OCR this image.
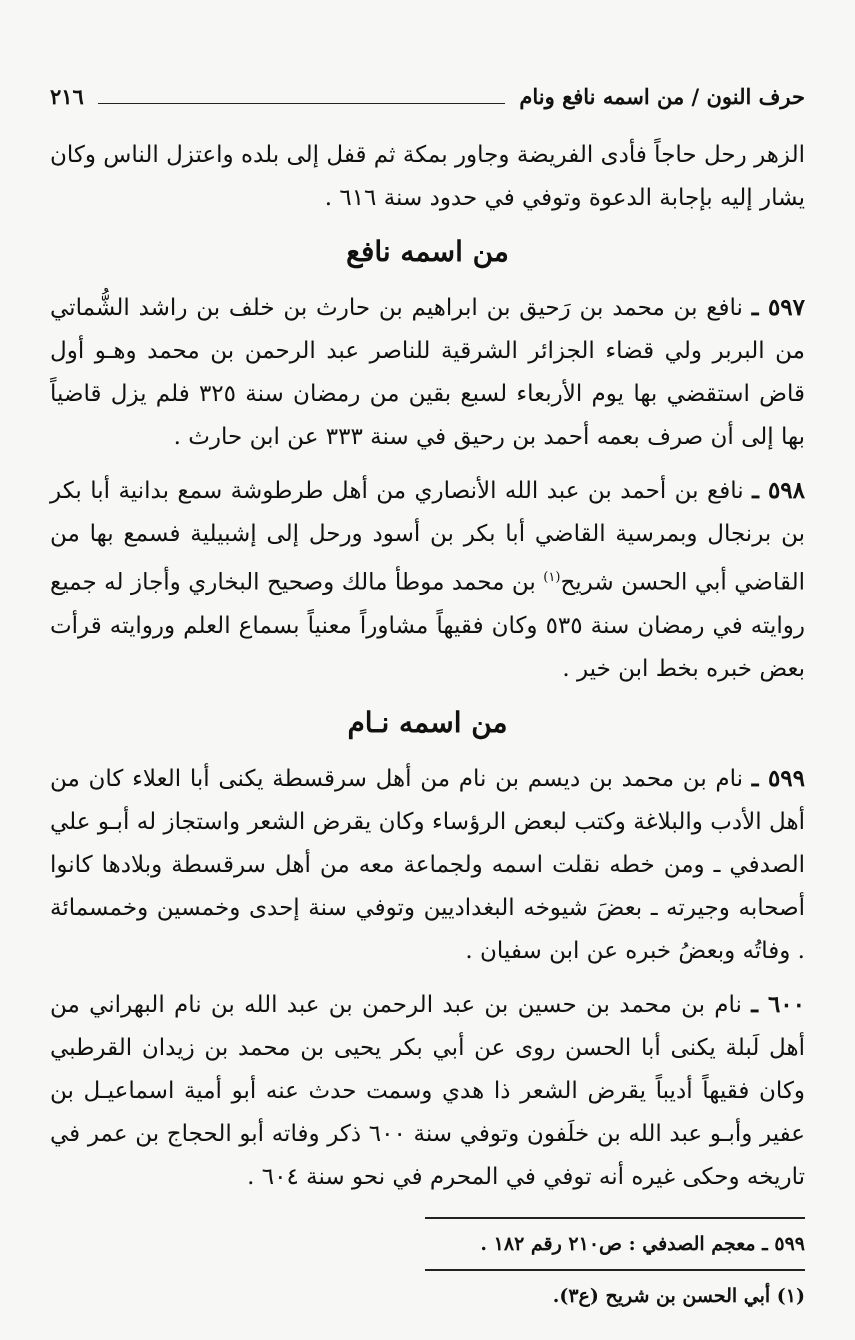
حرف النون / من اسمه نافع ونام
٢١٦

الزهر رحل حاجاً فأدى الفريضة وجاور بمكة ثم قفل إلى بلده واعتزل الناس وكان يشار إليه بإجابة الدعوة وتوفي في حدود سنة ٦١٦ .

من اسمه نافع

٥٩٧ ـ نافع بن محمد بن رَحيق بن ابراهيم بن حارث بن خلف بن راشد الشُّماتي من البربر ولي قضاء الجزائر الشرقية للناصر عبد الرحمن بن محمد وهـو أول قاض استقضي بها يوم الأربعاء لسبع بقين من رمضان سنة ٣٢٥ فلم يزل قاضياً بها إلى أن صرف بعمه أحمد بن رحيق في سنة ٣٣٣ عن ابن حارث .

٥٩٨ ـ نافع بن أحمد بن عبد الله الأنصاري من أهل طرطوشة سمع بدانية أبا بكر بن برنجال وبمرسية القاضي أبا بكر بن أسود ورحل إلى إشبيلية فسمع بها من القاضي أبي الحسن شريح$^{(١)}$ بن محمد موطأ مالك وصحيح البخاري وأجاز له جميع روايته في رمضان سنة ٥٣٥ وكان فقيهاً مشاوراً معنياً بسماع العلم وروايته قرأت بعض خبره بخط ابن خير .

من اسمه نـام

٥٩٩ ـ نام بن محمد بن ديسم بن نام من أهل سرقسطة يكنى أبا العلاء كان من أهل الأدب والبلاغة وكتب لبعض الرؤساء وكان يقرض الشعر واستجاز له أبـو علي الصدفي ـ ومن خطه نقلت اسمه ولجماعة معه من أهل سرقسطة وبلادها كانوا أصحابه وجيرته ـ بعضَ شيوخه البغداديين وتوفي سنة إحدى وخمسين وخمسمائة . وفاتُه وبعضُ خبره عن ابن سفيان .

٦٠٠ ـ نام بن محمد بن حسين بن عبد الرحمن بن عبد الله بن نام البهراني من أهل لَبلة يكنى أبا الحسن روى عن أبي بكر يحيى بن محمد بن زيدان القرطبي وكان فقيهاً أديباً يقرض الشعر ذا هدي وسمت حدث عنه أبو أمية اسماعيـل بن عفير وأبـو عبد الله بن خلَفون وتوفي سنة ٦٠٠ ذكر وفاته أبو الحجاج بن عمر في تاريخه وحكى غيره أنه توفي في المحرم في نحو سنة ٦٠٤ .

٥٩٩ ـ معجم الصدفي : ص٢١٠ رقم ١٨٢ .

(١) أبي الحسن بن شريح (ع٣).
